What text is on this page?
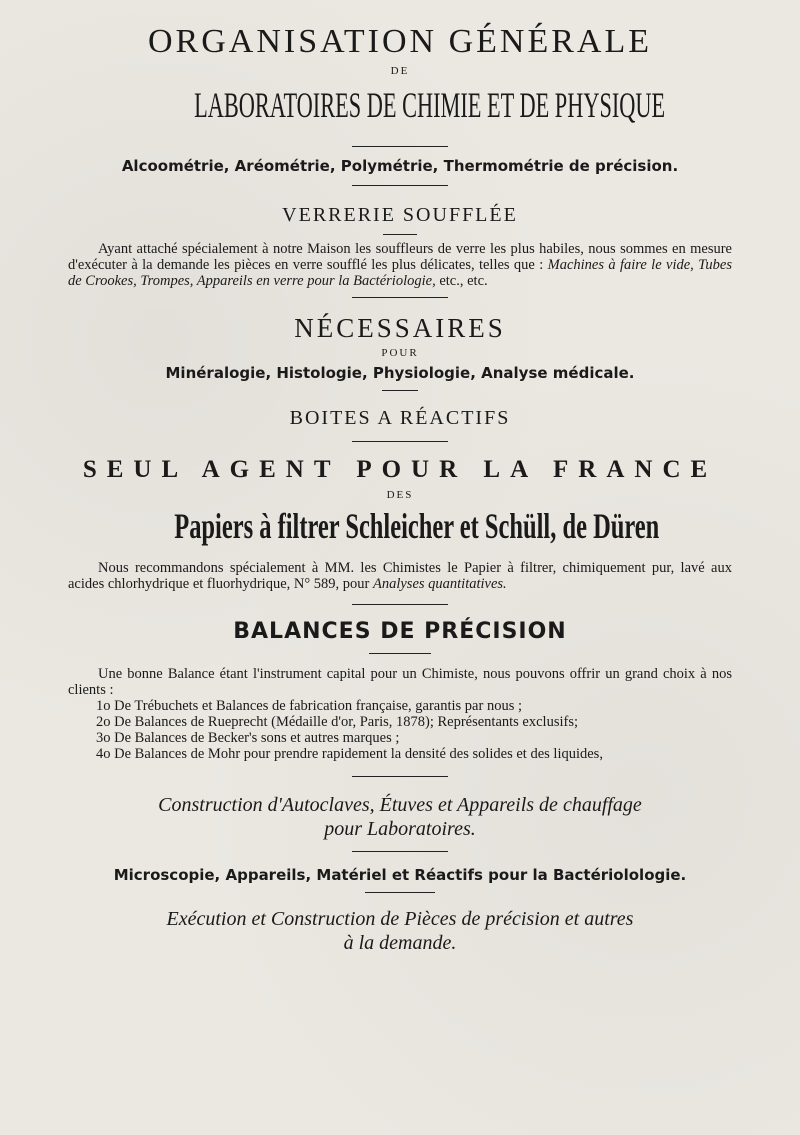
ORGANISATION GÉNÉRALE
DE
LABORATOIRES DE CHIMIE ET DE PHYSIQUE
Alcoométrie, Aréométrie, Polymétrie, Thermométrie de précision.
VERRERIE SOUFFLÉE

Ayant attaché spécialement à notre Maison les souffleurs de verre les plus habiles, nous sommes en mesure d'exécuter à la demande les pièces en verre soufflé les plus délicates, telles que : Machines à faire le vide, Tubes de Crookes, Trompes, Appareils en verre pour la Bactériologie, etc., etc.

NÉCESSAIRES
POUR
Minéralogie, Histologie, Physiologie, Analyse médicale.
BOITES A RÉACTIFS
SEUL AGENT POUR LA FRANCE
DES
Papiers à filtrer Schleicher et Schüll, de Düren

Nous recommandons spécialement à MM. les Chimistes le Papier à filtrer, chimiquement pur, lavé aux acides chlorhydrique et fluorhydrique, N° 589, pour Analyses quantitatives.

BALANCES DE PRÉCISION

Une bonne Balance étant l'instrument capital pour un Chimiste, nous pouvons offrir un grand choix à nos clients :

1o De Trébuchets et Balances de fabrication française, garantis par nous ;
2o De Balances de Rueprecht (Médaille d'or, Paris, 1878); Représentants exclusifs;
3o De Balances de Becker's sons et autres marques ;
4o De Balances de Mohr pour prendre rapidement la densité des solides et des liquides,
Construction d'Autoclaves, Étuves et Appareils de chauffage
pour Laboratoires.
Microscopie, Appareils, Matériel et Réactifs pour la Bactériolologie.
Exécution et Construction de Pièces de précision et autres
à la demande.
